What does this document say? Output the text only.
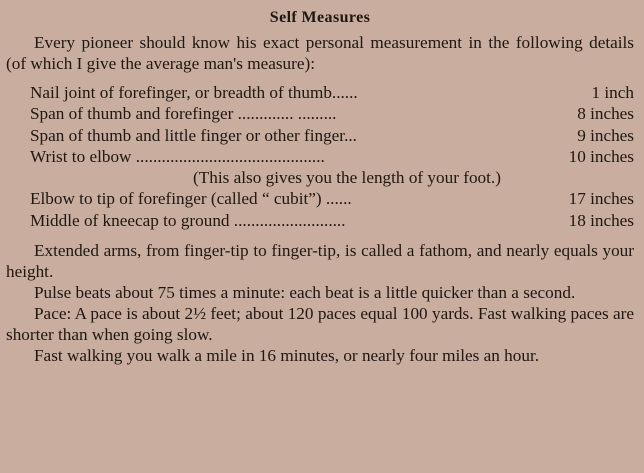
Self Measures

Every pioneer should know his exact personal measurement in the following details (of which I give the average man's measure):

Nail joint of forefinger, or breadth of thumb......	1 inch
Span of thumb and forefinger ............. .........	8 inches
Span of thumb and little finger or other finger...	9 inches
Wrist to elbow ............................................	10 inches
(This also gives you the length of your foot.)
Elbow to tip of forefinger (called “ cubit”) ......	17 inches
Middle of kneecap to ground ..........................	18 inches

Extended arms, from finger-tip to finger-tip, is called a fathom, and nearly equals your height.

Pulse beats about 75 times a minute: each beat is a little quicker than a second.

Pace: A pace is about 2½ feet; about 120 paces equal 100 yards. Fast walking paces are shorter than when going slow.

Fast walking you walk a mile in 16 minutes, or nearly four miles an hour.
